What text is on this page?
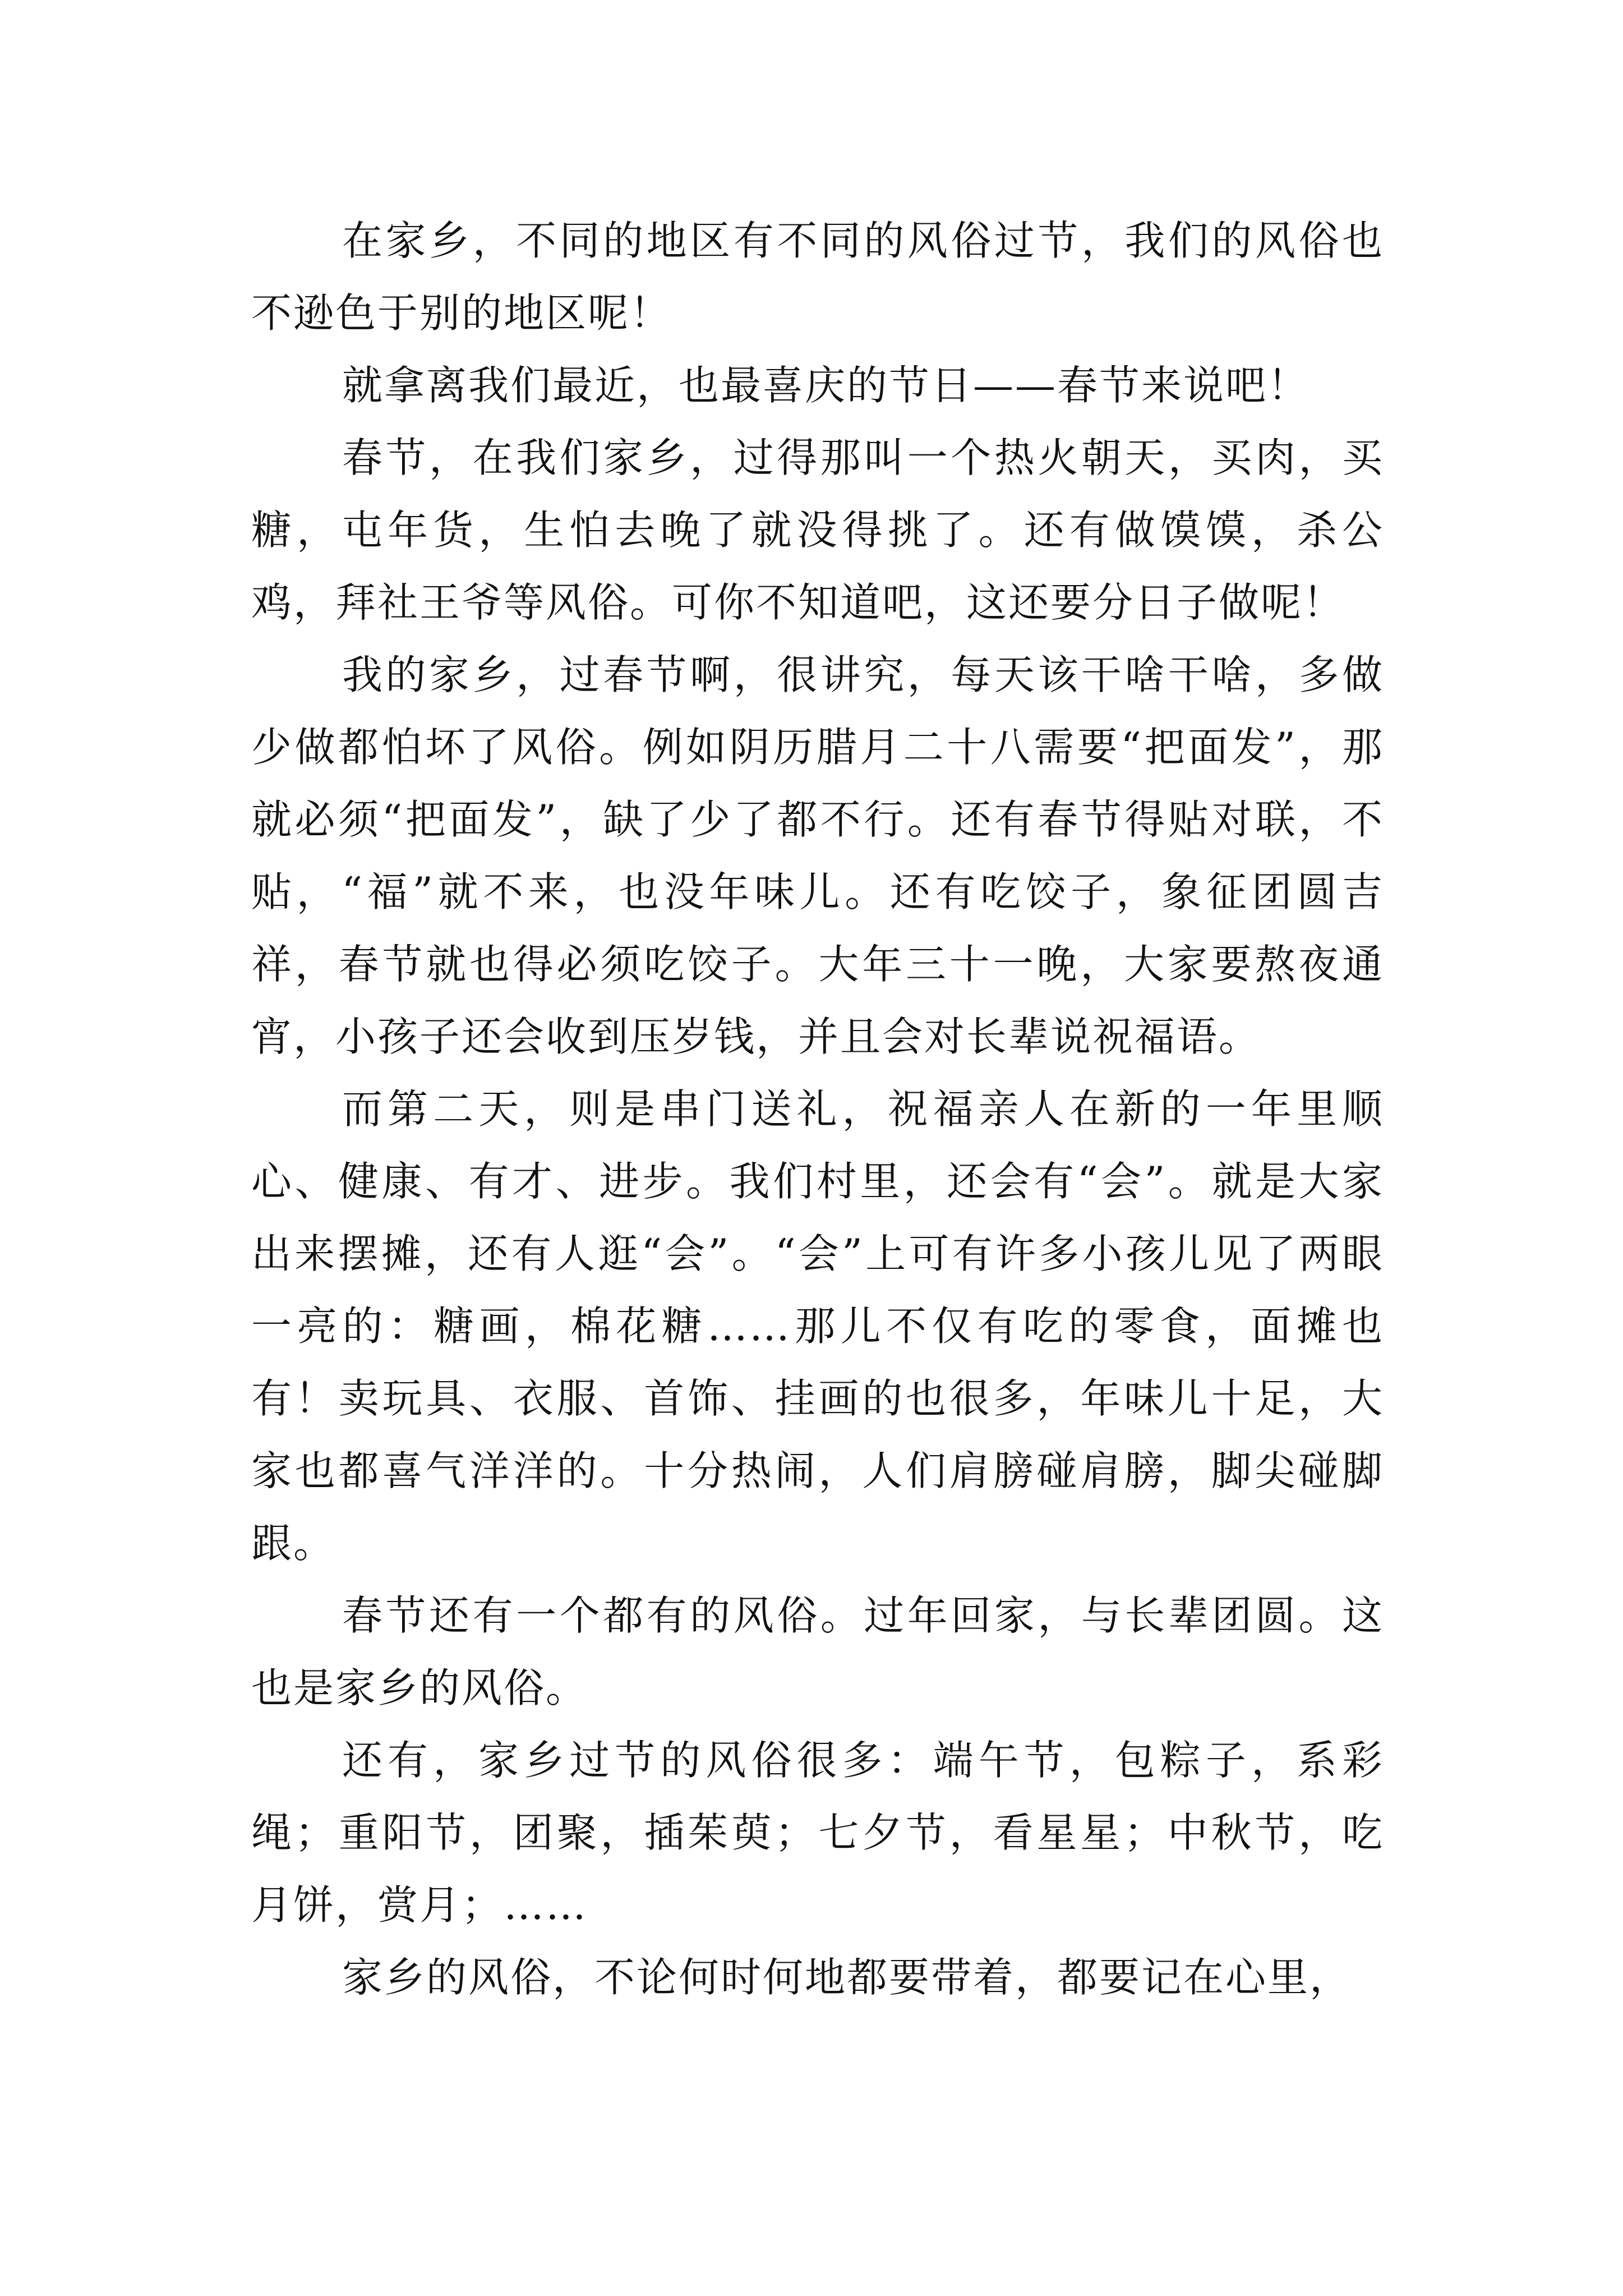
在家乡，不同的地区有不同的风俗过节，我们的风俗也不逊色于别的地区呢！

就拿离我们最近，也最喜庆的节日——春节来说吧！

春节，在我们家乡，过得那叫一个热火朝天，买肉，买糖，屯年货，生怕去晚了就没得挑了。还有做馍馍，杀公鸡，拜社王爷等风俗。可你不知道吧，这还要分日子做呢！

我的家乡，过春节啊，很讲究，每天该干啥干啥，多做少做都怕坏了风俗。例如阴历腊月二十八需要“把面发”，那就必须“把面发”，缺了少了都不行。还有春节得贴对联，不贴，“福”就不来，也没年味儿。还有吃饺子，象征团圆吉祥，春节就也得必须吃饺子。大年三十一晚，大家要熬夜通宵，小孩子还会收到压岁钱，并且会对长辈说祝福语。

而第二天，则是串门送礼，祝福亲人在新的一年里顺心、健康、有才、进步。我们村里，还会有“会”。就是大家出来摆摊，还有人逛“会”。“会”上可有许多小孩儿见了两眼一亮的：糖画，棉花糖……那儿不仅有吃的零食，面摊也有！卖玩具、衣服、首饰、挂画的也很多，年味儿十足，大家也都喜气洋洋的。十分热闹，人们肩膀碰肩膀，脚尖碰脚跟。

春节还有一个都有的风俗。过年回家，与长辈团圆。这也是家乡的风俗。

还有，家乡过节的风俗很多：端午节，包粽子，系彩绳；重阳节，团聚，插茱萸；七夕节，看星星；中秋节，吃月饼，赏月；……

家乡的风俗，不论何时何地都要带着，都要记在心里，
